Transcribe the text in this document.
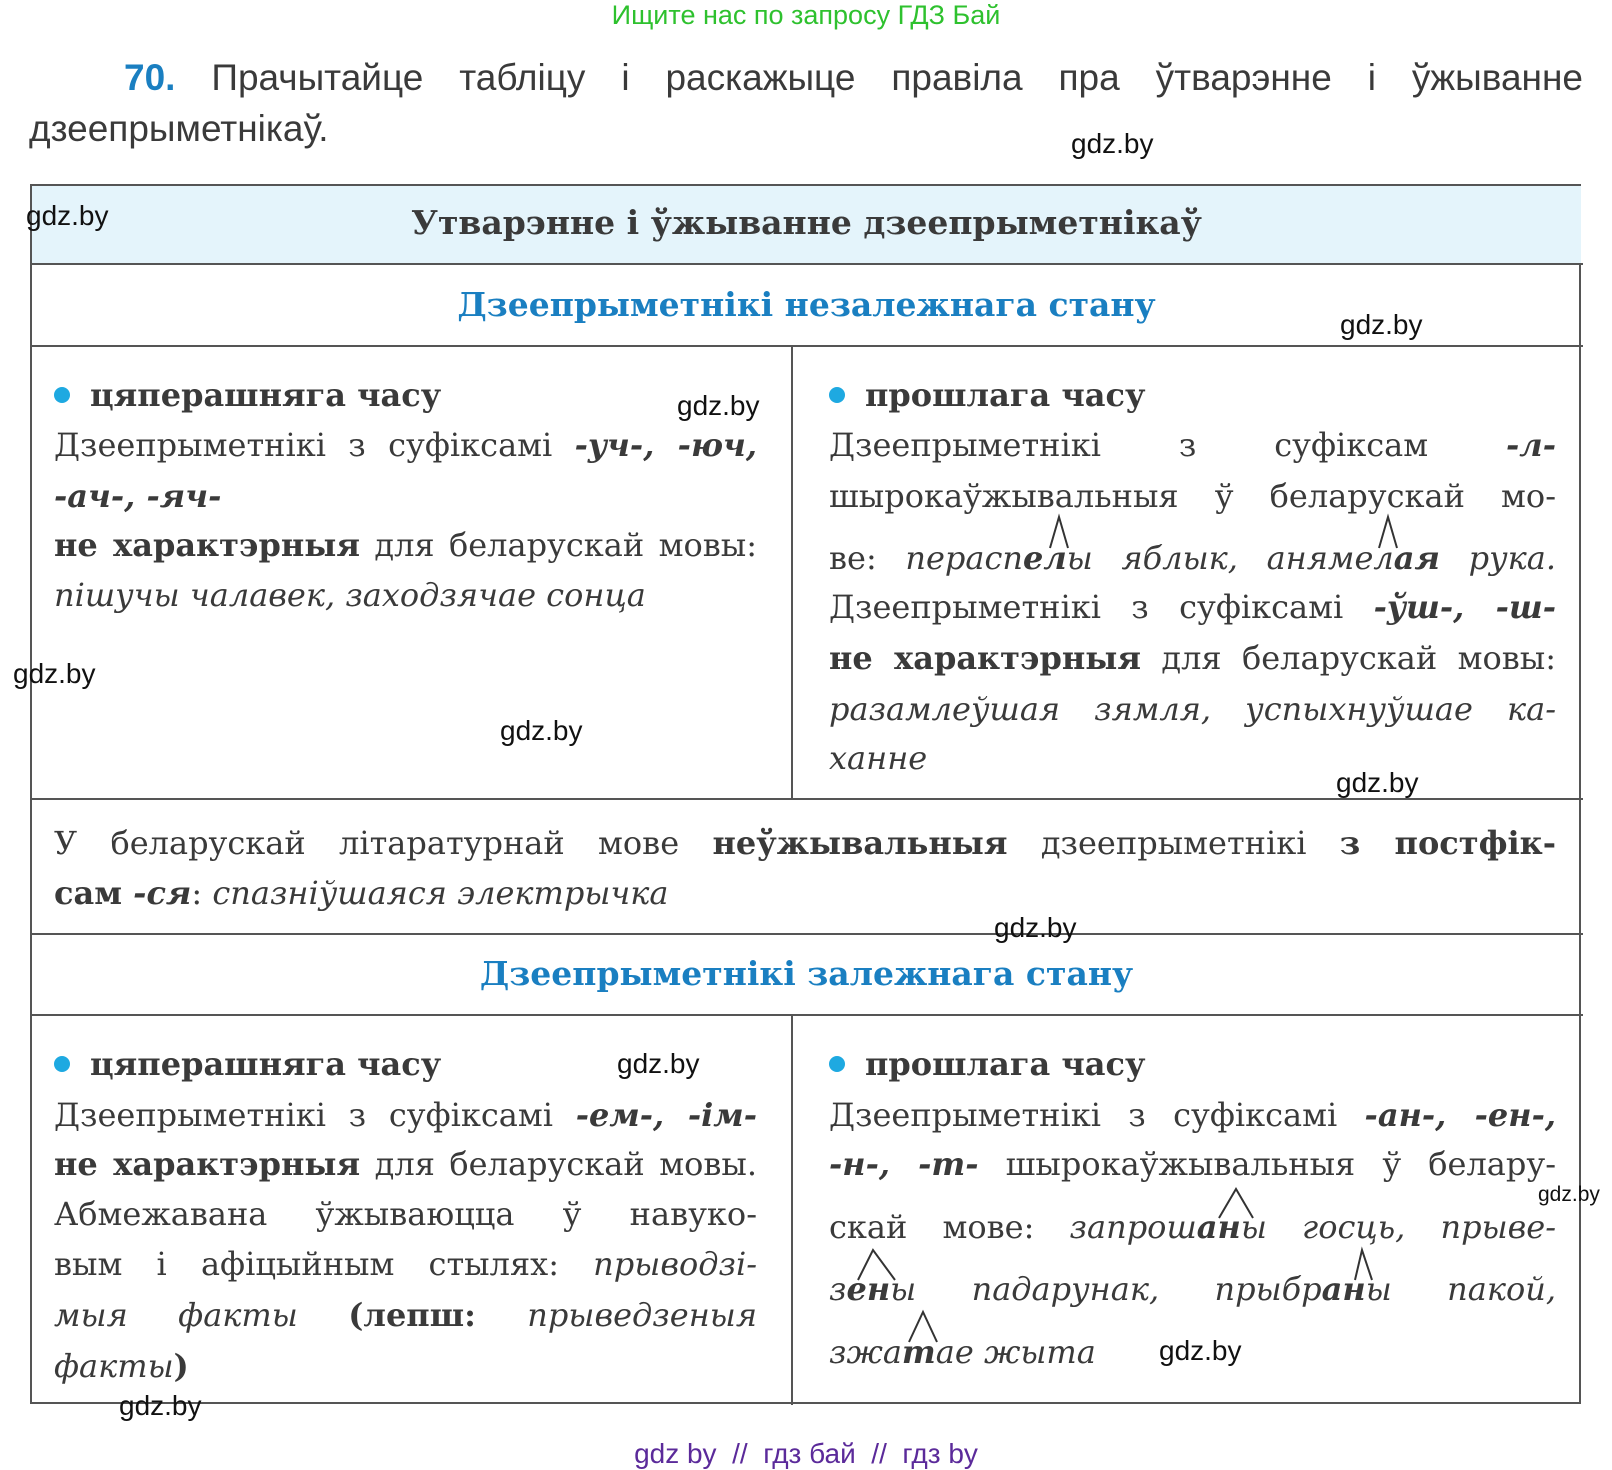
Ищите нас по запросу ГДЗ Бай
70. Прачытайце табліцу і раскажыце правіла пра ўтварэнне і ўжыванне
дзеепрыметнікаў.
Утварэнне і ўжыванне дзеепрыметнікаў
Дзеепрыметнікі незалежнага стану
Дзеепрыметнікі залежнага стану
цяперашняга часу
Дзеепрыметнікі з суфіксамі -уч-, -юч,
-ач-, -яч-
не характэрныя для беларускай мовы:
пішучы чалавек, заходзячае сонца
прошлага часу
Дзеепрыметнікі з суфіксам -л-
шырокаўжывальныя ў беларускай мо-
ве: пераспелы яблык, анямелая рука.
Дзеепрыметнікі з суфіксамі -ўш-, -ш-
не характэрныя для беларускай мовы:
разамлеўшая зямля, успыхнуўшае ка-
ханне
У беларускай літаратурнай мове неўжывальныя дзеепрыметнікі з постфік-
сам -ся: спазніўшаяся электрычка
цяперашняга часу
Дзеепрыметнікі з суфіксамі -ем-, -ім-
не характэрныя для беларускай мовы.
Абмежавана ўжываюцца ў навуко-
вым і афіцыйным стылях: прыводзі-
мыя факты (лепш: прыведзеныя
факты)
прошлага часу
Дзеепрыметнікі з суфіксамі -ан-, -ен-,
-н-, -т- шырокаўжывальныя ў белару-
скай мове: запрошаны госць, прыве-
зены падарунак, прыбраны пакой,
зжатае жыта
gdz.by
gdz.by
gdz.by
gdz.by
gdz.by
gdz.by
gdz.by
gdz.by
gdz.by
gdz.by
gdz.by
gdz.by
gdz by  //  гдз бай  //  гдз by
